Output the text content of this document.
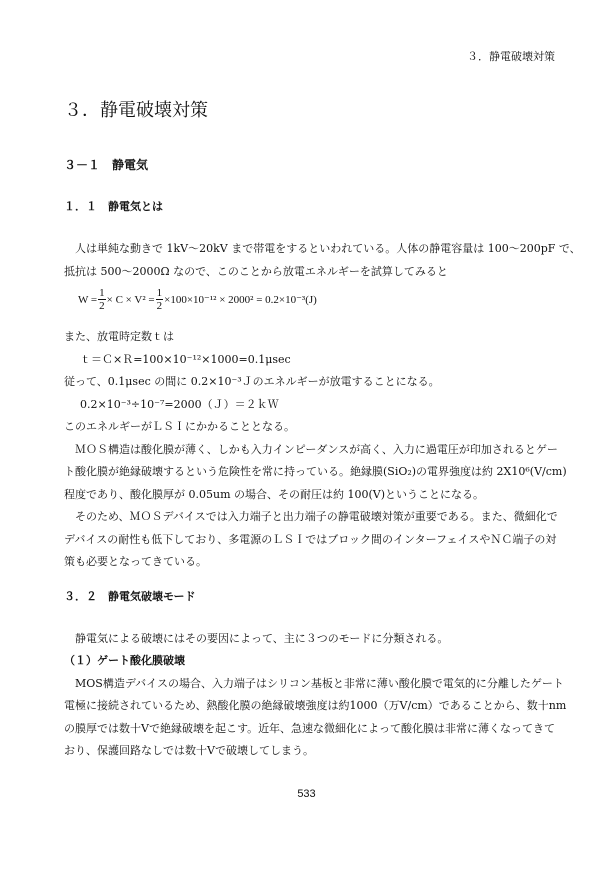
３．静電破壊対策
３．静電破壊対策
３－１　静電気
１．１　静電気とは
人は単純な動きで 1kV～20kV まで帯電をするといわれている。人体の静電容量は 100～200pF で、
抵抗は 500～2000Ω なので、このことから放電エネルギーを試算してみると
$W = \frac{1}{2} \times C \times V^2 = \frac{1}{2} \times 100\times 10^{-12} \times 2000^2 = 0.2\times 10^{-3}(J)$
また、放電時定数ｔは
ｔ＝Ｃ×Ｒ=100×10⁻¹²×1000=0.1μsec
従って、0.1μsec の間に 0.2×10⁻³Ｊのエネルギーが放電することになる。
0.2×10⁻³÷10⁻⁷=2000（Ｊ）＝２ｋＷ
このエネルギーがＬＳＩにかかることとなる。
ＭＯＳ構造は酸化膜が薄く、しかも入力インピーダンスが高く、入力に過電圧が印加されるとゲー
ト酸化膜が絶縁破壊するという危険性を常に持っている。絶縁膜(SiO₂)の電界強度は約 2X10⁶(V/cm)
程度であり、酸化膜厚が 0.05um の場合、その耐圧は約 100(V)ということになる。
そのため、ＭＯＳデバイスでは入力端子と出力端子の静電破壊対策が重要である。また、微細化で
デバイスの耐性も低下しており、多電源のＬＳＩではブロック間のインターフェイスやＮＣ端子の対
策も必要となってきている。
３．２　静電気破壊モード
静電気による破壊にはその要因によって、主に３つのモードに分類される。
（１）ゲート酸化膜破壊
MOS構造デバイスの場合、入力端子はシリコン基板と非常に薄い酸化膜で電気的に分離したゲート
電極に接続されているため、熱酸化膜の絶縁破壊強度は約1000（万V/cm）であることから、数十nm
の膜厚では数十Vで絶縁破壊を起こす。近年、急速な微細化によって酸化膜は非常に薄くなってきて
おり、保護回路なしでは数十Vで破壊してしまう。
533
